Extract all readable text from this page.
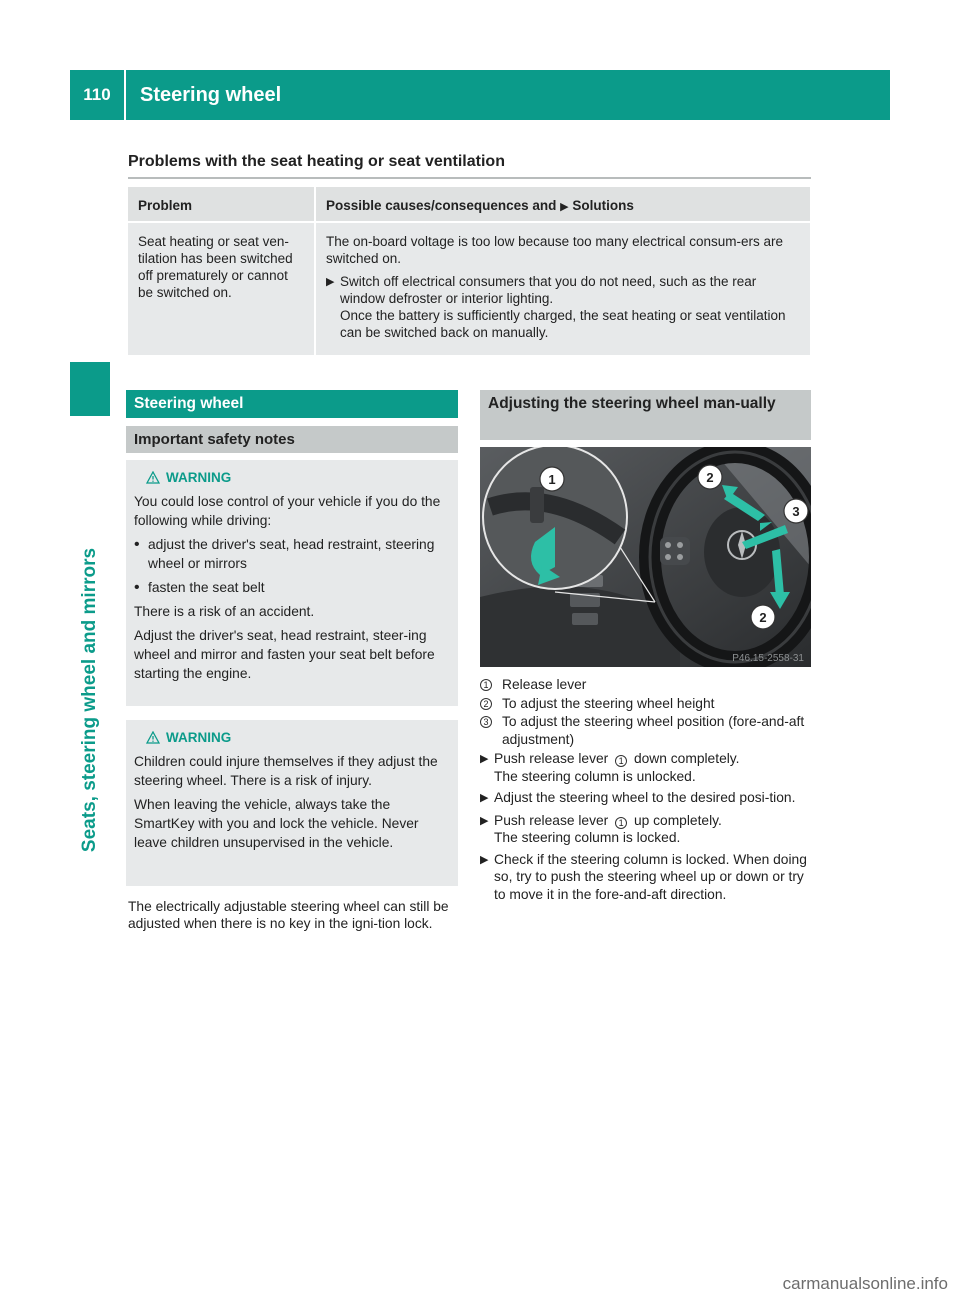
110	Steering wheel
Seats, steering wheel and mirrors
Problems with the seat heating or seat ventilation
Problem	Possible causes/consequences and ▶ Solutions
Seat heating or seat ven-tilation has been switched off prematurely or cannot be switched on.	The on-board voltage is too low because too many electrical consum-ers are switched on.
▶ Switch off electrical consumers that you do not need, such as the rear window defroster or interior lighting.
Once the battery is sufficiently charged, the seat heating or seat ventilation can be switched back on manually.
Steering wheel
Important safety notes
WARNING

You could lose control of your vehicle if you do the following while driving:

• adjust the driver's seat, head restraint, steering wheel or mirrors
• fasten the seat belt

There is a risk of an accident.

Adjust the driver's seat, head restraint, steer-ing wheel and mirror and fasten your seat belt before starting the engine.

WARNING

Children could injure themselves if they adjust the steering wheel. There is a risk of injury.

When leaving the vehicle, always take the SmartKey with you and lock the vehicle. Never leave children unsupervised in the vehicle.

The electrically adjustable steering wheel can still be adjusted when there is no key in the igni-tion lock.
Adjusting the steering wheel man-ually
1	2
3
2
P46.15-2558-31
1 Release lever
2 To adjust the steering wheel height
3 To adjust the steering wheel position (fore-and-aft adjustment)
▶ Push release lever 1 down completely.
The steering column is unlocked.
▶ Adjust the steering wheel to the desired posi-tion.
▶ Push release lever 1 up completely.
The steering column is locked.
▶ Check if the steering column is locked. When doing so, try to push the steering wheel up or down or try to move it in the fore-and-aft direction.
carmanualsonline.info
